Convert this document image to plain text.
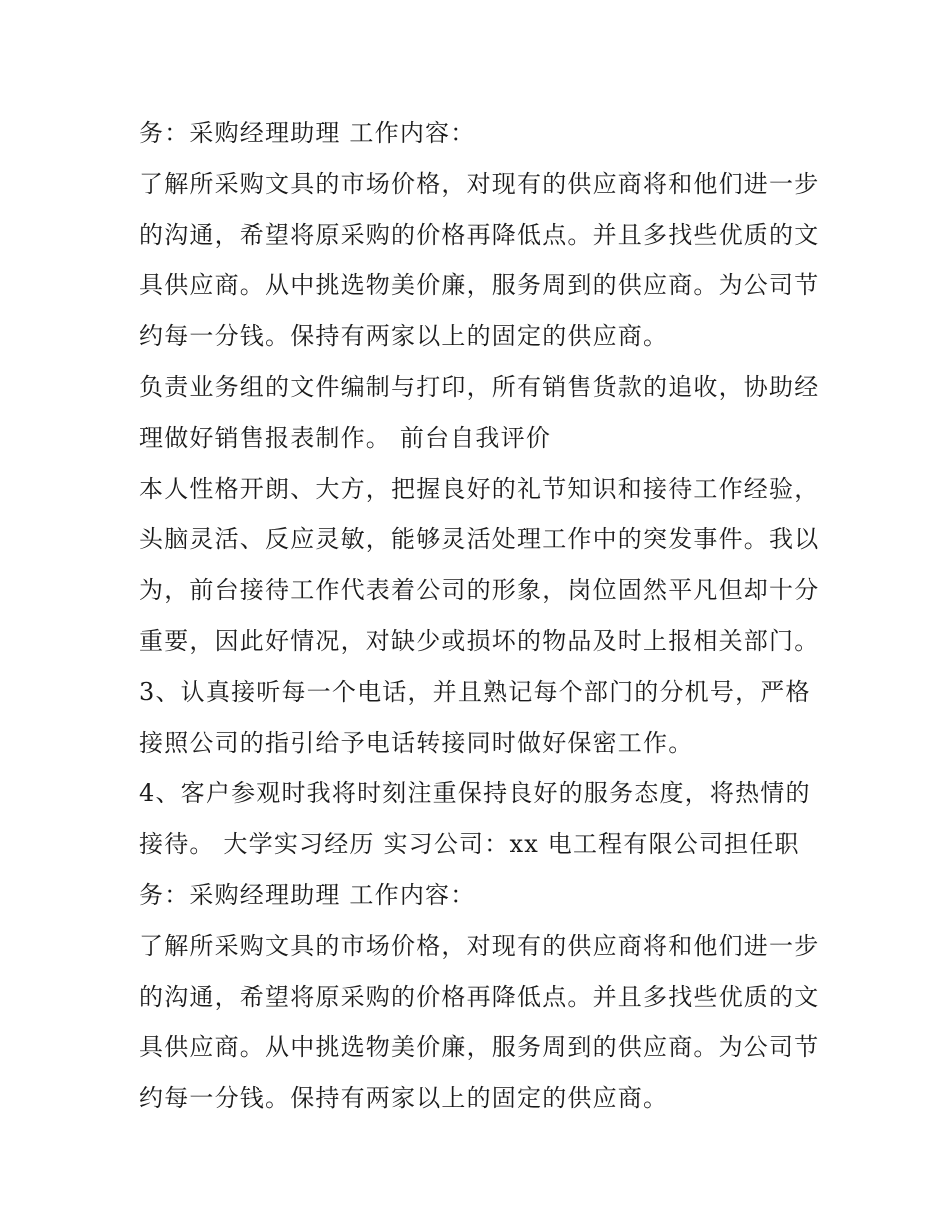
务：采购经理助理 工作内容：
了解所采购文具的市场价格，对现有的供应商将和他们进一步
的沟通，希望将原采购的价格再降低点。并且多找些优质的文
具供应商。从中挑选物美价廉，服务周到的供应商。为公司节
约每一分钱。保持有两家以上的固定的供应商。
负责业务组的文件编制与打印，所有销售货款的追收，协助经
理做好销售报表制作。 前台自我评价
本人性格开朗、大方，把握良好的礼节知识和接待工作经验，
头脑灵活、反应灵敏，能够灵活处理工作中的突发事件。我以
为，前台接待工作代表着公司的形象，岗位固然平凡但却十分
重要，因此好情况，对缺少或损坏的物品及时上报相关部门。
3、认真接听每一个电话，并且熟记每个部门的分机号，严格
接照公司的指引给予电话转接同时做好保密工作。
4、客户参观时我将时刻注重保持良好的服务态度，将热情的
接待。 大学实习经历 实习公司：xx 电工程有限公司担任职
务：采购经理助理 工作内容：
了解所采购文具的市场价格，对现有的供应商将和他们进一步
的沟通，希望将原采购的价格再降低点。并且多找些优质的文
具供应商。从中挑选物美价廉，服务周到的供应商。为公司节
约每一分钱。保持有两家以上的固定的供应商。
